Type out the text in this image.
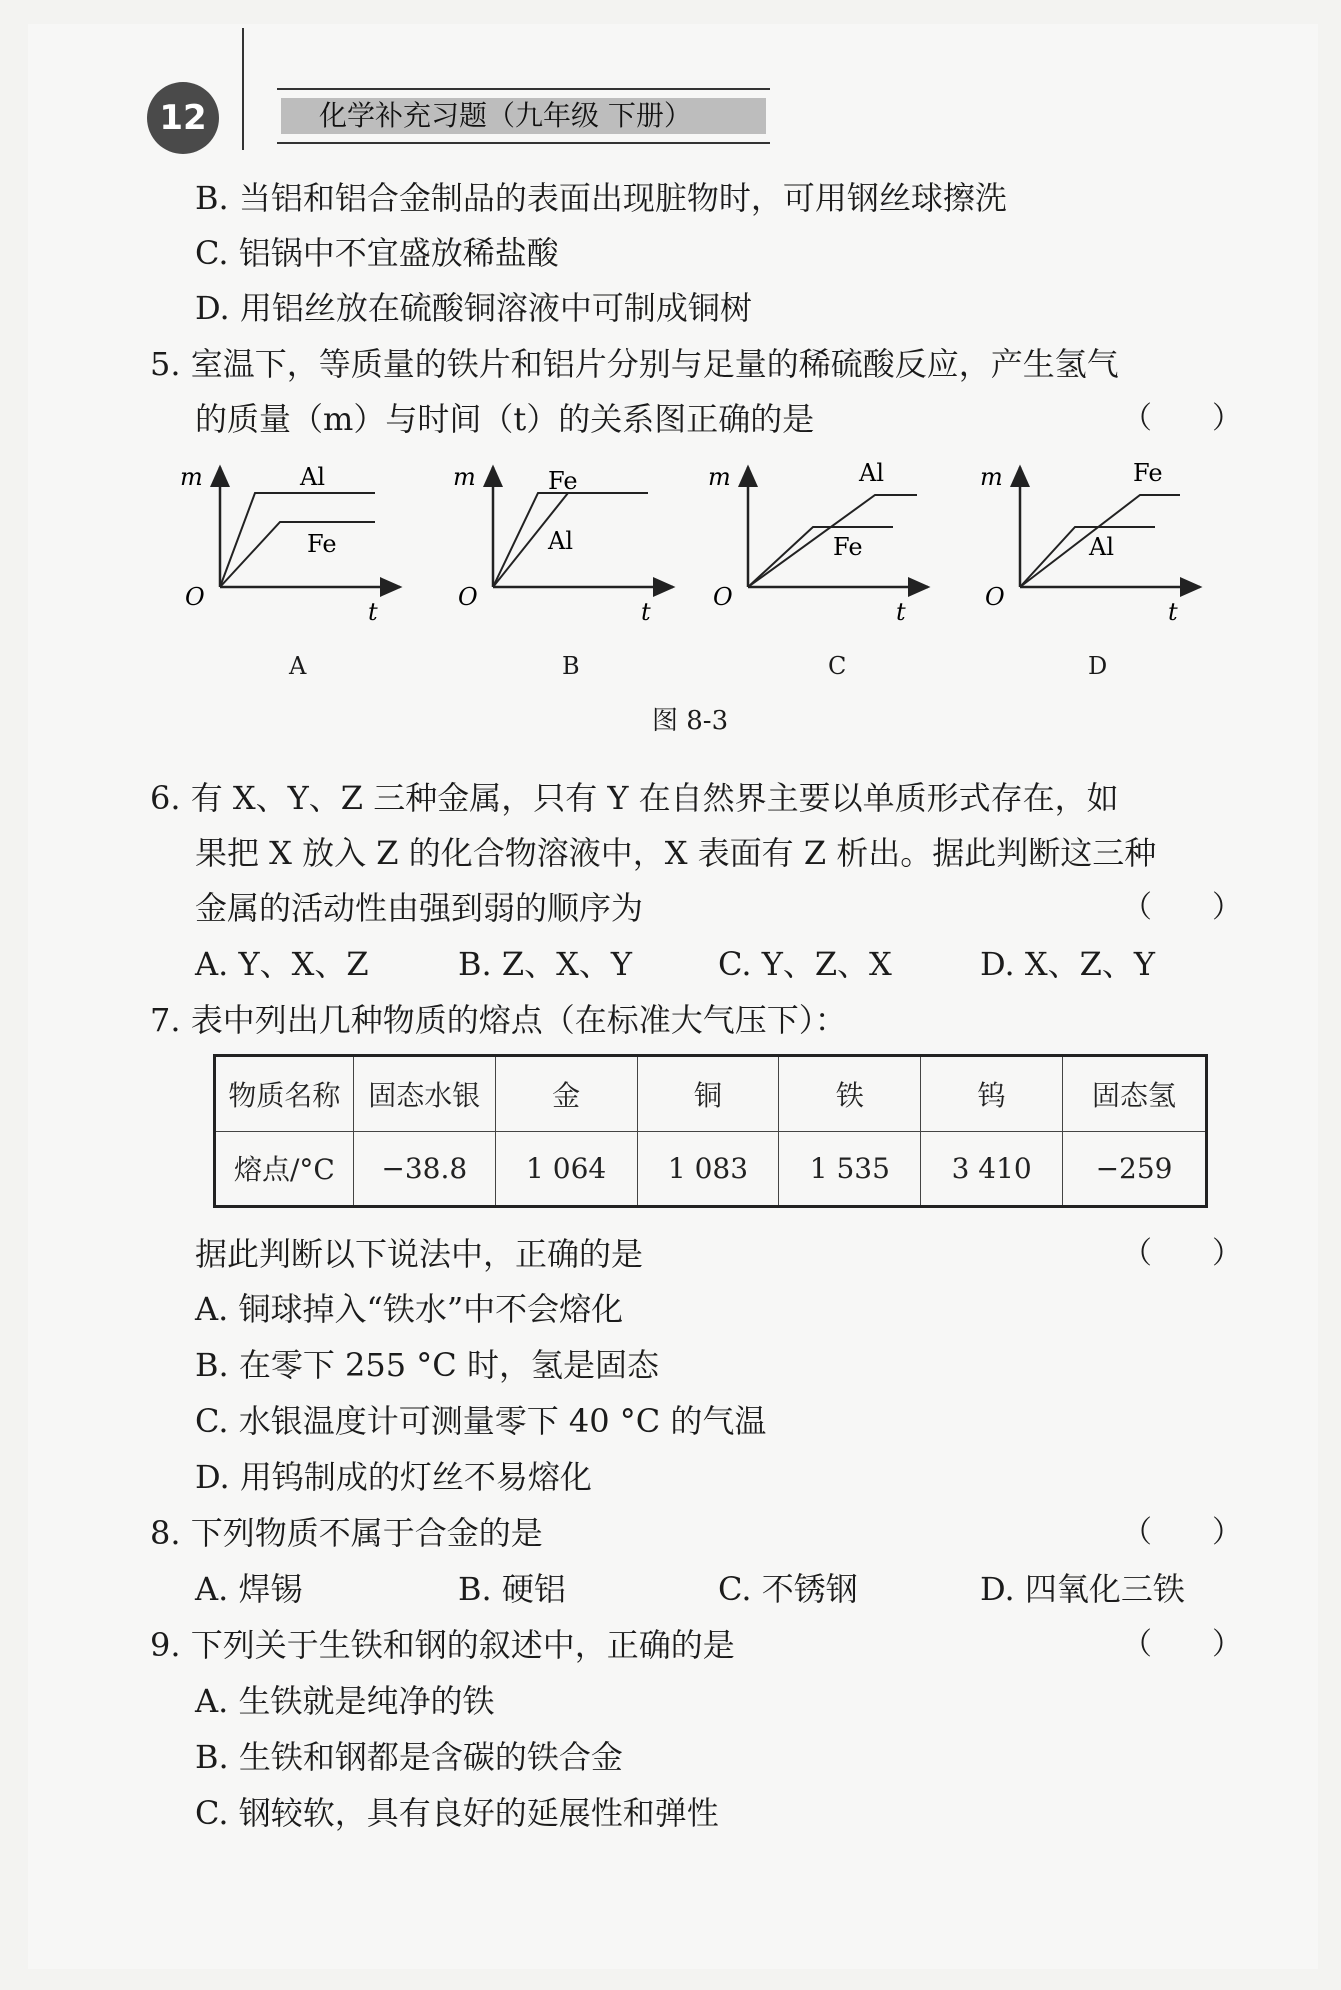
12	化学补充习题（九年级 下册）
B. 当铝和铝合金制品的表面出现脏物时，可用钢丝球擦洗
C. 铝锅中不宜盛放稀盐酸
D. 用铝丝放在硫酸铜溶液中可制成铜树
5. 室温下，等质量的铁片和铝片分别与足量的稀硫酸反应，产生氢气
的质量（m）与时间（t）的关系图正确的是	（　　）
m
O
t
Al
Fe
A
m
O
t
Fe
Al
B
m
O
t
Al
Fe
C
m
O
t
Fe
Al
D
图 8-3
6. 有 X、Y、Z 三种金属，只有 Y 在自然界主要以单质形式存在，如
果把 X 放入 Z 的化合物溶液中，X 表面有 Z 析出。据此判断这三种
金属的活动性由强到弱的顺序为	（　　）
A. Y、X、Z	B. Z、X、Y	C. Y、Z、X	D. X、Z、Y
7. 表中列出几种物质的熔点（在标准大气压下）：
物质名称	固态水银	金	铜	铁	钨	固态氢
熔点/°C	−38.8	1 064	1 083	1 535	3 410	−259
据此判断以下说法中，正确的是	（　　）
A. 铜球掉入“铁水”中不会熔化
B. 在零下 255 °C 时，氢是固态
C. 水银温度计可测量零下 40 °C 的气温
D. 用钨制成的灯丝不易熔化
8. 下列物质不属于合金的是	（　　）
A. 焊锡	B. 硬铝	C. 不锈钢	D. 四氧化三铁
9. 下列关于生铁和钢的叙述中，正确的是	（　　）
A. 生铁就是纯净的铁
B. 生铁和钢都是含碳的铁合金
C. 钢较软，具有良好的延展性和弹性
